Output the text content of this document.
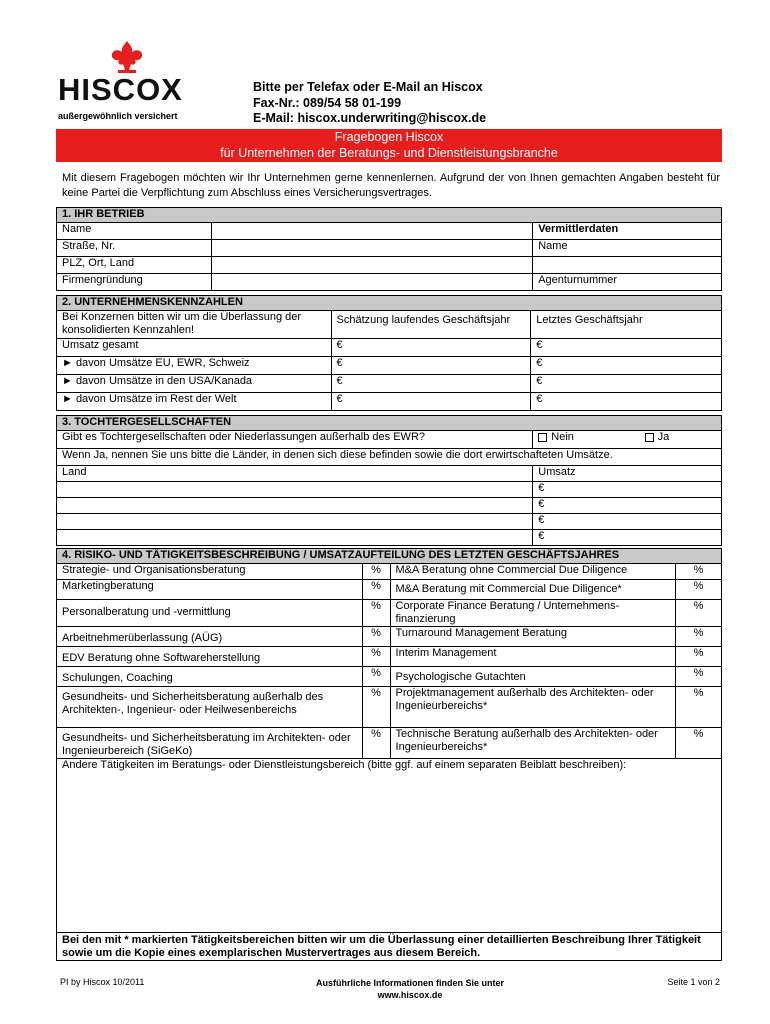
HISCOX
außergewöhnlich versichert
Bitte per Telefax oder E-Mail an Hiscox
Fax-Nr.: 089/54 58 01-199
E-Mail: hiscox.underwriting@hiscox.de
Fragebogen Hiscox
für Unternehmen der Beratungs- und Dienstleistungsbranche
Mit diesem Fragebogen möchten wir Ihr Unternehmen gerne kennenlernen. Aufgrund der von Ihnen gemachten Angaben besteht für keine Partei die Verpflichtung zum Abschluss eines Versicherungsvertrages.
1. IHR BETRIEB		
Name		Vermittlerdaten
Straße, Nr.		Name
PLZ, Ort, Land		
Firmengründung		Agenturnummer
2. UNTERNEHMENSKENNZAHLEN		
Bei Konzernen bitten wir um die Überlassung der konsolidierten Kennzahlen!	Schätzung laufendes Geschäftsjahr	Letztes Geschäftsjahr
Umsatz gesamt	€	€
► davon Umsätze EU, EWR, Schweiz	€	€
► davon Umsätze in den USA/Kanada	€	€
► davon Umsätze im Rest der Welt	€	€
3. TOCHTERGESELLSCHAFTEN		
Gibt es Tochtergesellschaften oder Niederlassungen außerhalb des EWR?	Nein	Ja
Wenn Ja, nennen Sie uns bitte die Länder, in denen sich diese befinden sowie die dort erwirtschafteten Umsätze.		
Land	Umsatz	
	€	
	€	
	€	
	€	
4. RISIKO- UND TÄTIGKEITSBESCHREIBUNG / UMSATZAUFTEILUNG DES LETZTEN GESCHÄFTSJAHRES			
Strategie- und Organisationsberatung	%	M&A Beratung ohne Commercial Due Diligence	%
Marketingberatung	%	M&A Beratung mit Commercial Due Diligence*	%
Personalberatung und -vermittlung	%	Corporate Finance Beratung / Unternehmens-finanzierung	%
Arbeitnehmerüberlassung (AÜG)	%	Turnaround Management Beratung	%
EDV Beratung ohne Softwareherstellung	%	Interim Management	%
Schulungen, Coaching	%	Psychologische Gutachten	%
Gesundheits- und Sicherheitsberatung außerhalb des Architekten-, Ingenieur- oder Heilwesenbereichs	%	Projektmanagement außerhalb des Architekten- oder Ingenieurbereichs*	%
Gesundheits- und Sicherheitsberatung im Architekten- oder Ingenieurbereich (SiGeKo)	%	Technische Beratung außerhalb des Architekten- oder Ingenieurbereichs*	%
Andere Tätigkeiten im Beratungs- oder Dienstleistungsbereich (bitte ggf. auf einem separaten Beiblatt beschreiben):			
Bei den mit * markierten Tätigkeitsbereichen bitten wir um die Überlassung einer detaillierten Beschreibung Ihrer Tätigkeit sowie um die Kopie eines exemplarischen Mustervertrages aus diesem Bereich.			
PI by Hiscox 10/2011	Ausführliche Informationen finden Sie unter
www.hiscox.de
Seite 1 von 2
